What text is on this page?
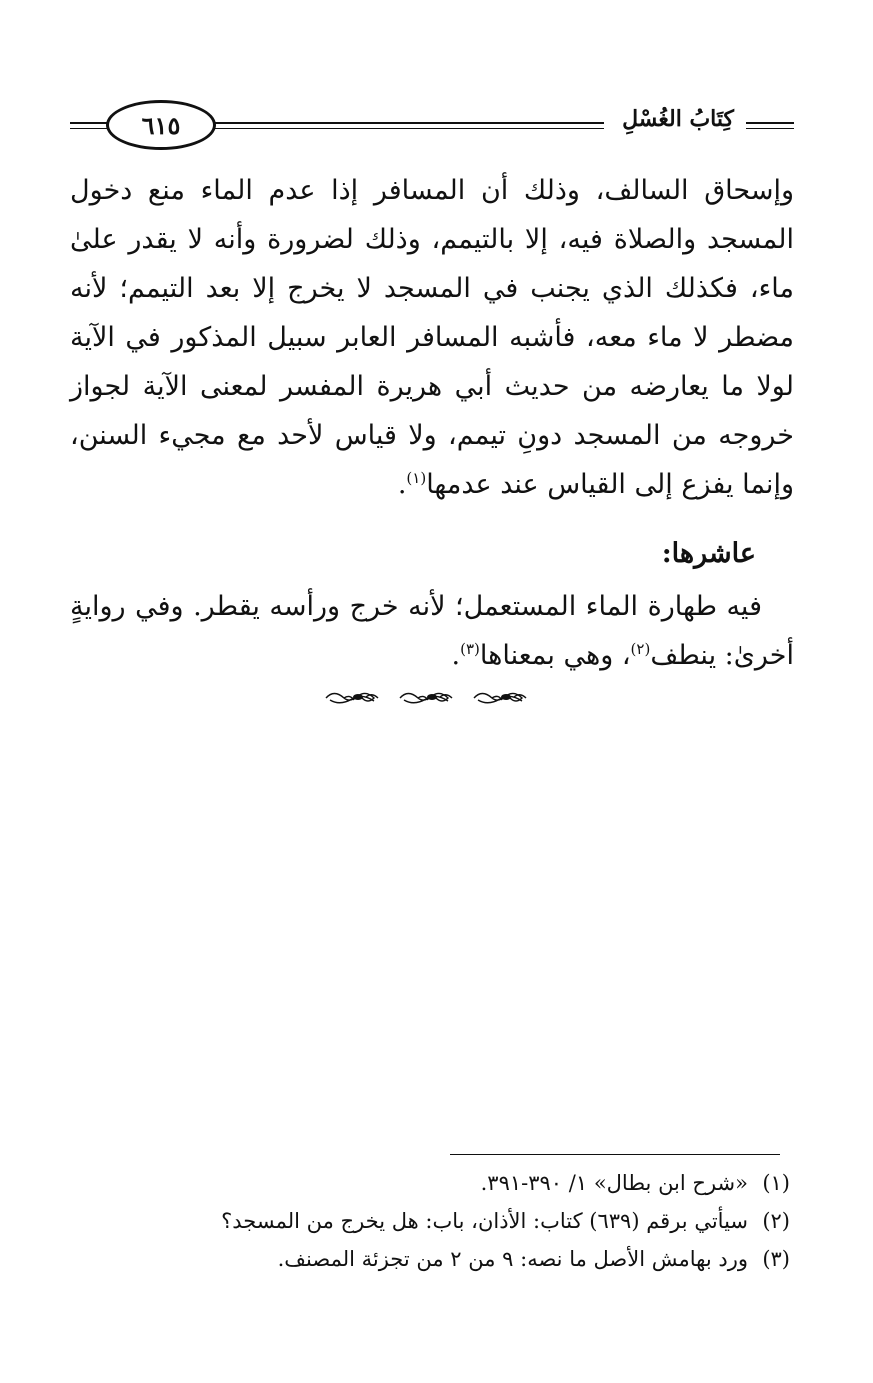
٦١٥	كِتَابُ الغُسْلِ

وإسحاق السالف، وذلك أن المسافر إذا عدم الماء منع دخول المسجد والصلاة فيه، إلا بالتيمم، وذلك لضرورة وأنه لا يقدر علىٰ ماء، فكذلك الذي يجنب في المسجد لا يخرج إلا بعد التيمم؛ لأنه مضطر لا ماء معه، فأشبه المسافر العابر سبيل المذكور في الآية لولا ما يعارضه من حديث أبي هريرة المفسر لمعنى الآية لجواز خروجه من المسجد دونِ تيمم، ولا قياس لأحد مع مجيء السنن، وإنما يفزع إلى القياس عند عدمها$^{(١)}$.

عاشرها:

فيه طهارة الماء المستعمل؛ لأنه خرج ورأسه يقطر. وفي روايةٍ أخرىٰ: ينطف$^{(٢)}$، وهي بمعناها$^{(٣)}$.

(١)«شرح ابن بطال» ١/ ٣٩٠-٣٩١.
(٢)سيأتي برقم (٦٣٩) كتاب: الأذان، باب: هل يخرج من المسجد؟
(٣)ورد بهامش الأصل ما نصه: ٩ من ٢ من تجزئة المصنف.
